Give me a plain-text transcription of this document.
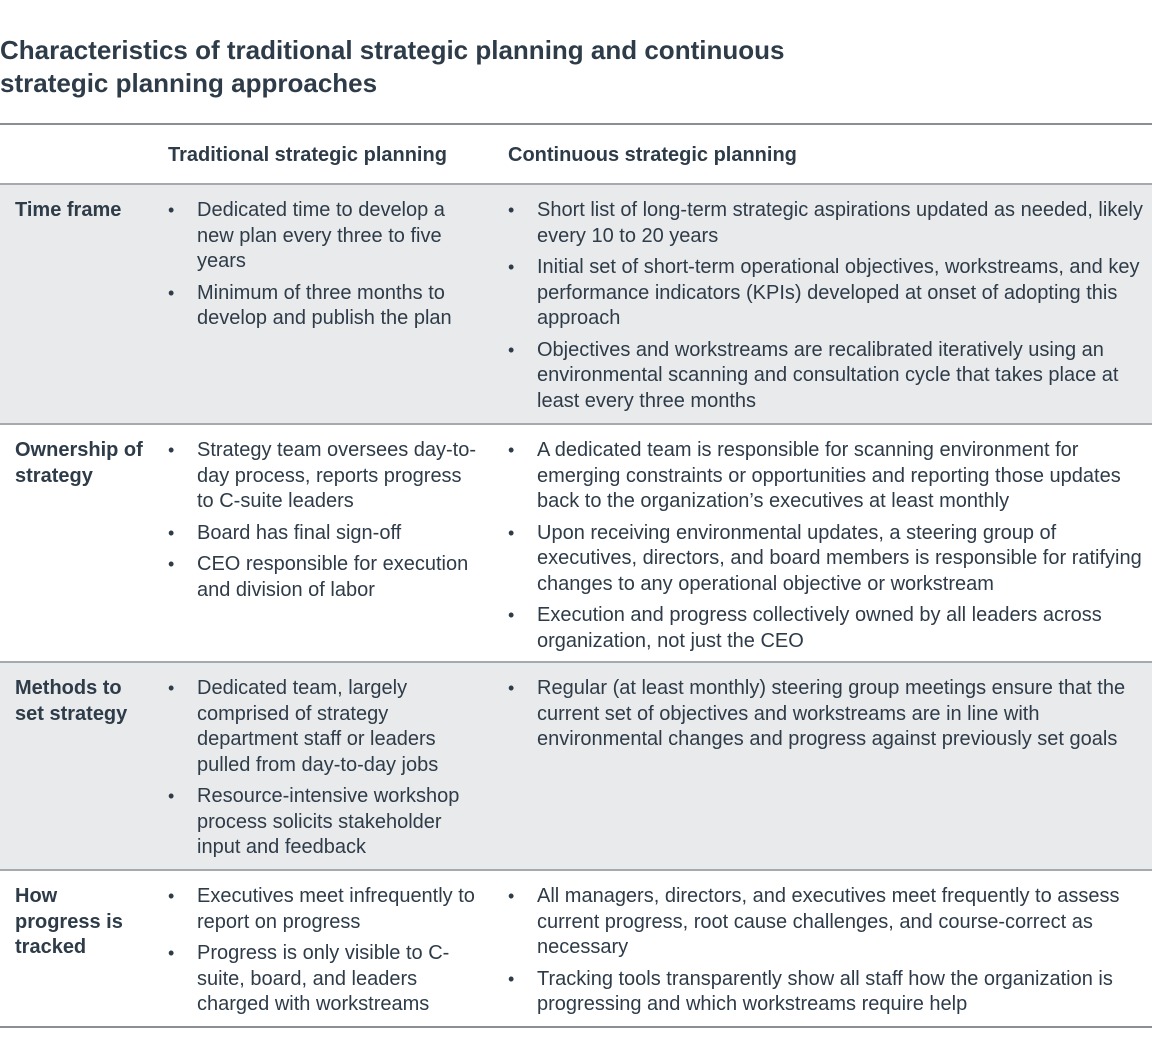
Characteristics of traditional strategic planning and continuous strategic planning approaches
Traditional strategic planning	Continuous strategic planning
Time frame	• Dedicated time to develop a new plan every three to five years
• Minimum of three months to develop and publish the plan
• Short list of long-term strategic aspirations updated as needed, likely every 10 to 20 years
• Initial set of short-term operational objectives, workstreams, and key performance indicators (KPIs) developed at onset of adopting this approach
• Objectives and workstreams are recalibrated iteratively using an environmental scanning and consultation cycle that takes place at least every three months
Ownership of strategy
• Strategy team oversees day-to-day process, reports progress to C-suite leaders
• Board has final sign-off
• CEO responsible for execution and division of labor
• A dedicated team is responsible for scanning environment for emerging constraints or opportunities and reporting those updates back to the organization’s executives at least monthly
• Upon receiving environmental updates, a steering group of executives, directors, and board members is responsible for ratifying changes to any operational objective or workstream
• Execution and progress collectively owned by all leaders across organization, not just the CEO
Methods to set strategy
• Dedicated team, largely comprised of strategy department staff or leaders pulled from day-to-day jobs
• Resource-intensive workshop process solicits stakeholder input and feedback
• Regular (at least monthly) steering group meetings ensure that the current set of objectives and workstreams are in line with environmental changes and progress against previously set goals
How progress is tracked
• Executives meet infrequently to report on progress
• Progress is only visible to C-suite, board, and leaders charged with workstreams
• All managers, directors, and executives meet frequently to assess current progress, root cause challenges, and course-correct as necessary
• Tracking tools transparently show all staff how the organization is progressing and which workstreams require help
